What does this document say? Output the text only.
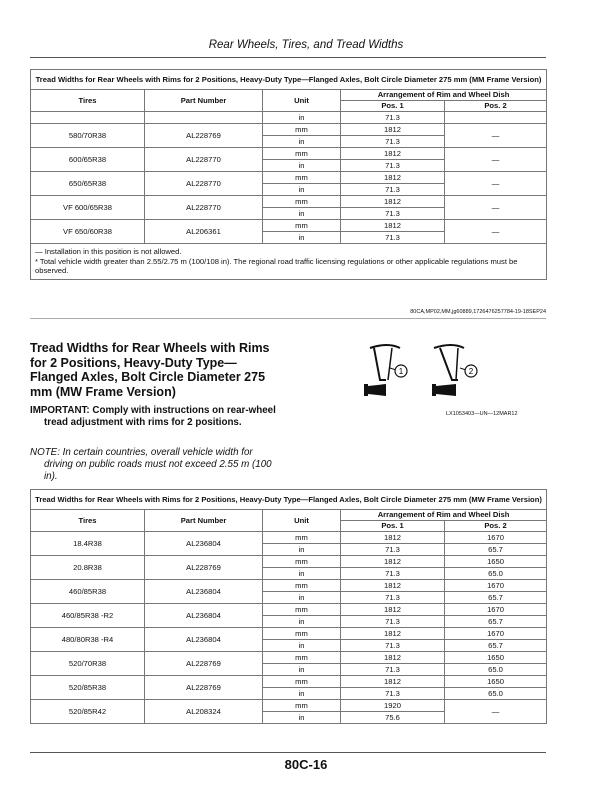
Rear Wheels, Tires, and Tread Widths
Tread Widths for Rear Wheels with Rims for 2 Positions, Heavy-Duty Type—Flanged Axles, Bolt Circle Diameter 275 mm (MM Frame Version)				
Tires	Part Number	Unit	Arrangement of Rim and Wheel Dish	
			Pos. 1	Pos. 2
		in	71.3	
580/70R38	AL228769	mm	1812	—
		in	71.3	
600/65R38	AL228770	mm	1812	—
		in	71.3	
650/65R38	AL228770	mm	1812	—
		in	71.3	
VF 600/65R38	AL228770	mm	1812	—
		in	71.3	
VF 650/60R38	AL206361	mm	1812	—
		in	71.3	

— Installation in this position is not allowed.
* Total vehicle width greater than 2.55/2.75 m (100/108 in). The regional road traffic licensing regulations or other applicable regulations must be observed.				
80CA,MP02,MM,jg60889,1726476257784-19-18SEP24
Tread Widths for Rear Wheels with Rims for 2 Positions, Heavy-Duty Type—Flanged Axles, Bolt Circle Diameter 275 mm (MW Frame Version)
IMPORTANT: Comply with instructions on rear-wheel tread adjustment with rims for 2 positions.
NOTE: In certain countries, overall vehicle width for driving on public roads must not exceed 2.55 m (100 in).
1	2
LX1053403—UN—12MAR12
Tread Widths for Rear Wheels with Rims for 2 Positions, Heavy-Duty Type—Flanged Axles, Bolt Circle Diameter 275 mm (MW Frame Version)				
Tires	Part Number	Unit	Arrangement of Rim and Wheel Dish	
			Pos. 1	Pos. 2
18.4R38	AL236804	mm	1812	1670
		in	71.3	65.7
20.8R38	AL228769	mm	1812	1650
		in	71.3	65.0
460/85R38	AL236804	mm	1812	1670
		in	71.3	65.7
460/85R38 -R2	AL236804	mm	1812	1670
		in	71.3	65.7
480/80R38 -R4	AL236804	mm	1812	1670
		in	71.3	65.7
520/70R38	AL228769	mm	1812	1650
		in	71.3	65.0
520/85R38	AL228769	mm	1812	1650
		in	71.3	65.0
520/85R42	AL208324	mm	1920	—
		in	75.6	
80C-16
